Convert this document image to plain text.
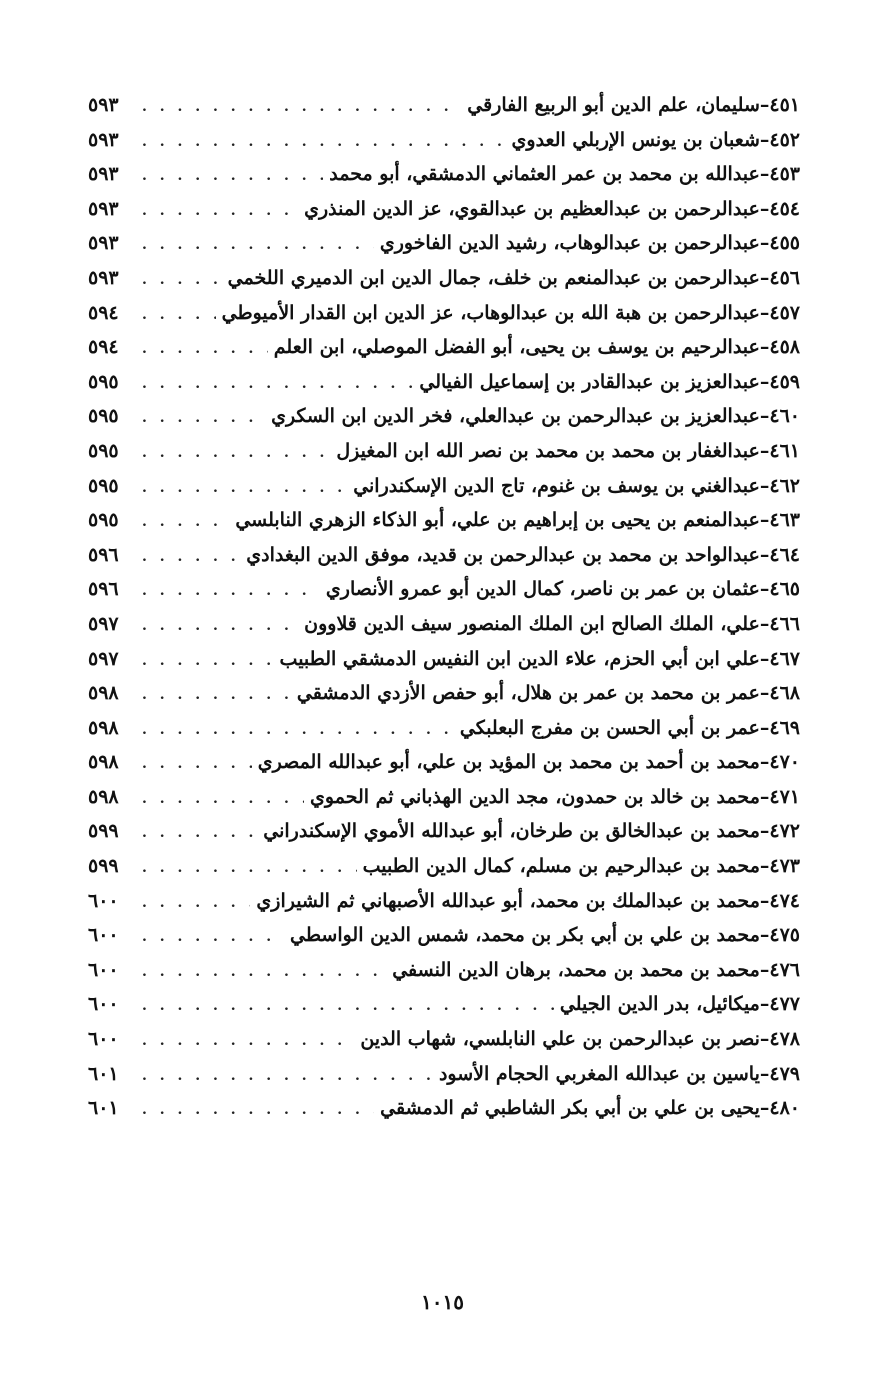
٤٥١–
سليمان، علم الدين أبو الربيع الفارقي
. . .
٥٩٣
٤٥٢–
شعبان بن يونس الإربلي العدوي
. . .
٥٩٣
٤٥٣–
عبدالله بن محمد بن عمر العثماني الدمشقي، أبو محمد
. . .
٥٩٣
٤٥٤–
عبدالرحمن بن عبدالعظيم بن عبدالقوي، عز الدين المنذري
. . .
٥٩٣
٤٥٥–
عبدالرحمن بن عبدالوهاب، رشيد الدين الفاخوري
. . .
٥٩٣
٤٥٦–
عبدالرحمن بن عبدالمنعم بن خلف، جمال الدين ابن الدميري اللخمي
. . .
٥٩٣
٤٥٧–
عبدالرحمن بن هبة الله بن عبدالوهاب، عز الدين ابن القدار الأميوطي
. . .
٥٩٤
٤٥٨–
عبدالرحيم بن يوسف بن يحيى، أبو الفضل الموصلي، ابن العلم
. . .
٥٩٤
٤٥٩–
عبدالعزيز بن عبدالقادر بن إسماعيل الفيالي
. . .
٥٩٥
٤٦٠–
عبدالعزيز بن عبدالرحمن بن عبدالعلي، فخر الدين ابن السكري
. . .
٥٩٥
٤٦١–
عبدالغفار بن محمد بن محمد بن نصر الله ابن المغيزل
. . .
٥٩٥
٤٦٢–
عبدالغني بن يوسف بن غنوم، تاج الدين الإسكندراني
. . .
٥٩٥
٤٦٣–
عبدالمنعم بن يحيى بن إبراهيم بن علي، أبو الذكاء الزهري النابلسي
. . .
٥٩٥
٤٦٤–
عبدالواحد بن محمد بن عبدالرحمن بن قديد، موفق الدين البغدادي
. . .
٥٩٦
٤٦٥–
عثمان بن عمر بن ناصر، كمال الدين أبو عمرو الأنصاري
. . .
٥٩٦
٤٦٦–
علي، الملك الصالح ابن الملك المنصور سيف الدين قلاوون
. . .
٥٩٧
٤٦٧–
علي ابن أبي الحزم، علاء الدين ابن النفيس الدمشقي الطبيب
. . .
٥٩٧
٤٦٨–
عمر بن محمد بن عمر بن هلال، أبو حفص الأزدي الدمشقي
. . .
٥٩٨
٤٦٩–
عمر بن أبي الحسن بن مفرج البعلبكي
. . .
٥٩٨
٤٧٠–
محمد بن أحمد بن محمد بن المؤيد بن علي، أبو عبدالله المصري
. . .
٥٩٨
٤٧١–
محمد بن خالد بن حمدون، مجد الدين الهذباني ثم الحموي
. . .
٥٩٨
٤٧٢–
محمد بن عبدالخالق بن طرخان، أبو عبدالله الأموي الإسكندراني
. . .
٥٩٩
٤٧٣–
محمد بن عبدالرحيم بن مسلم، كمال الدين الطبيب
. . .
٥٩٩
٤٧٤–
محمد بن عبدالملك بن محمد، أبو عبدالله الأصبهاني ثم الشيرازي
. . .
٦٠٠
٤٧٥–
محمد بن علي بن أبي بكر بن محمد، شمس الدين الواسطي
. . .
٦٠٠
٤٧٦–
محمد بن محمد بن محمد، برهان الدين النسفي
. . .
٦٠٠
٤٧٧–
ميكائيل، بدر الدين الجيلي
. . .
٦٠٠
٤٧٨–
نصر بن عبدالرحمن بن علي النابلسي، شهاب الدين
. . .
٦٠٠
٤٧٩–
ياسين بن عبدالله المغربي الحجام الأسود
. . .
٦٠١
٤٨٠–
يحيى بن علي بن أبي بكر الشاطبي ثم الدمشقي
. . .
٦٠١
١٠١٥
